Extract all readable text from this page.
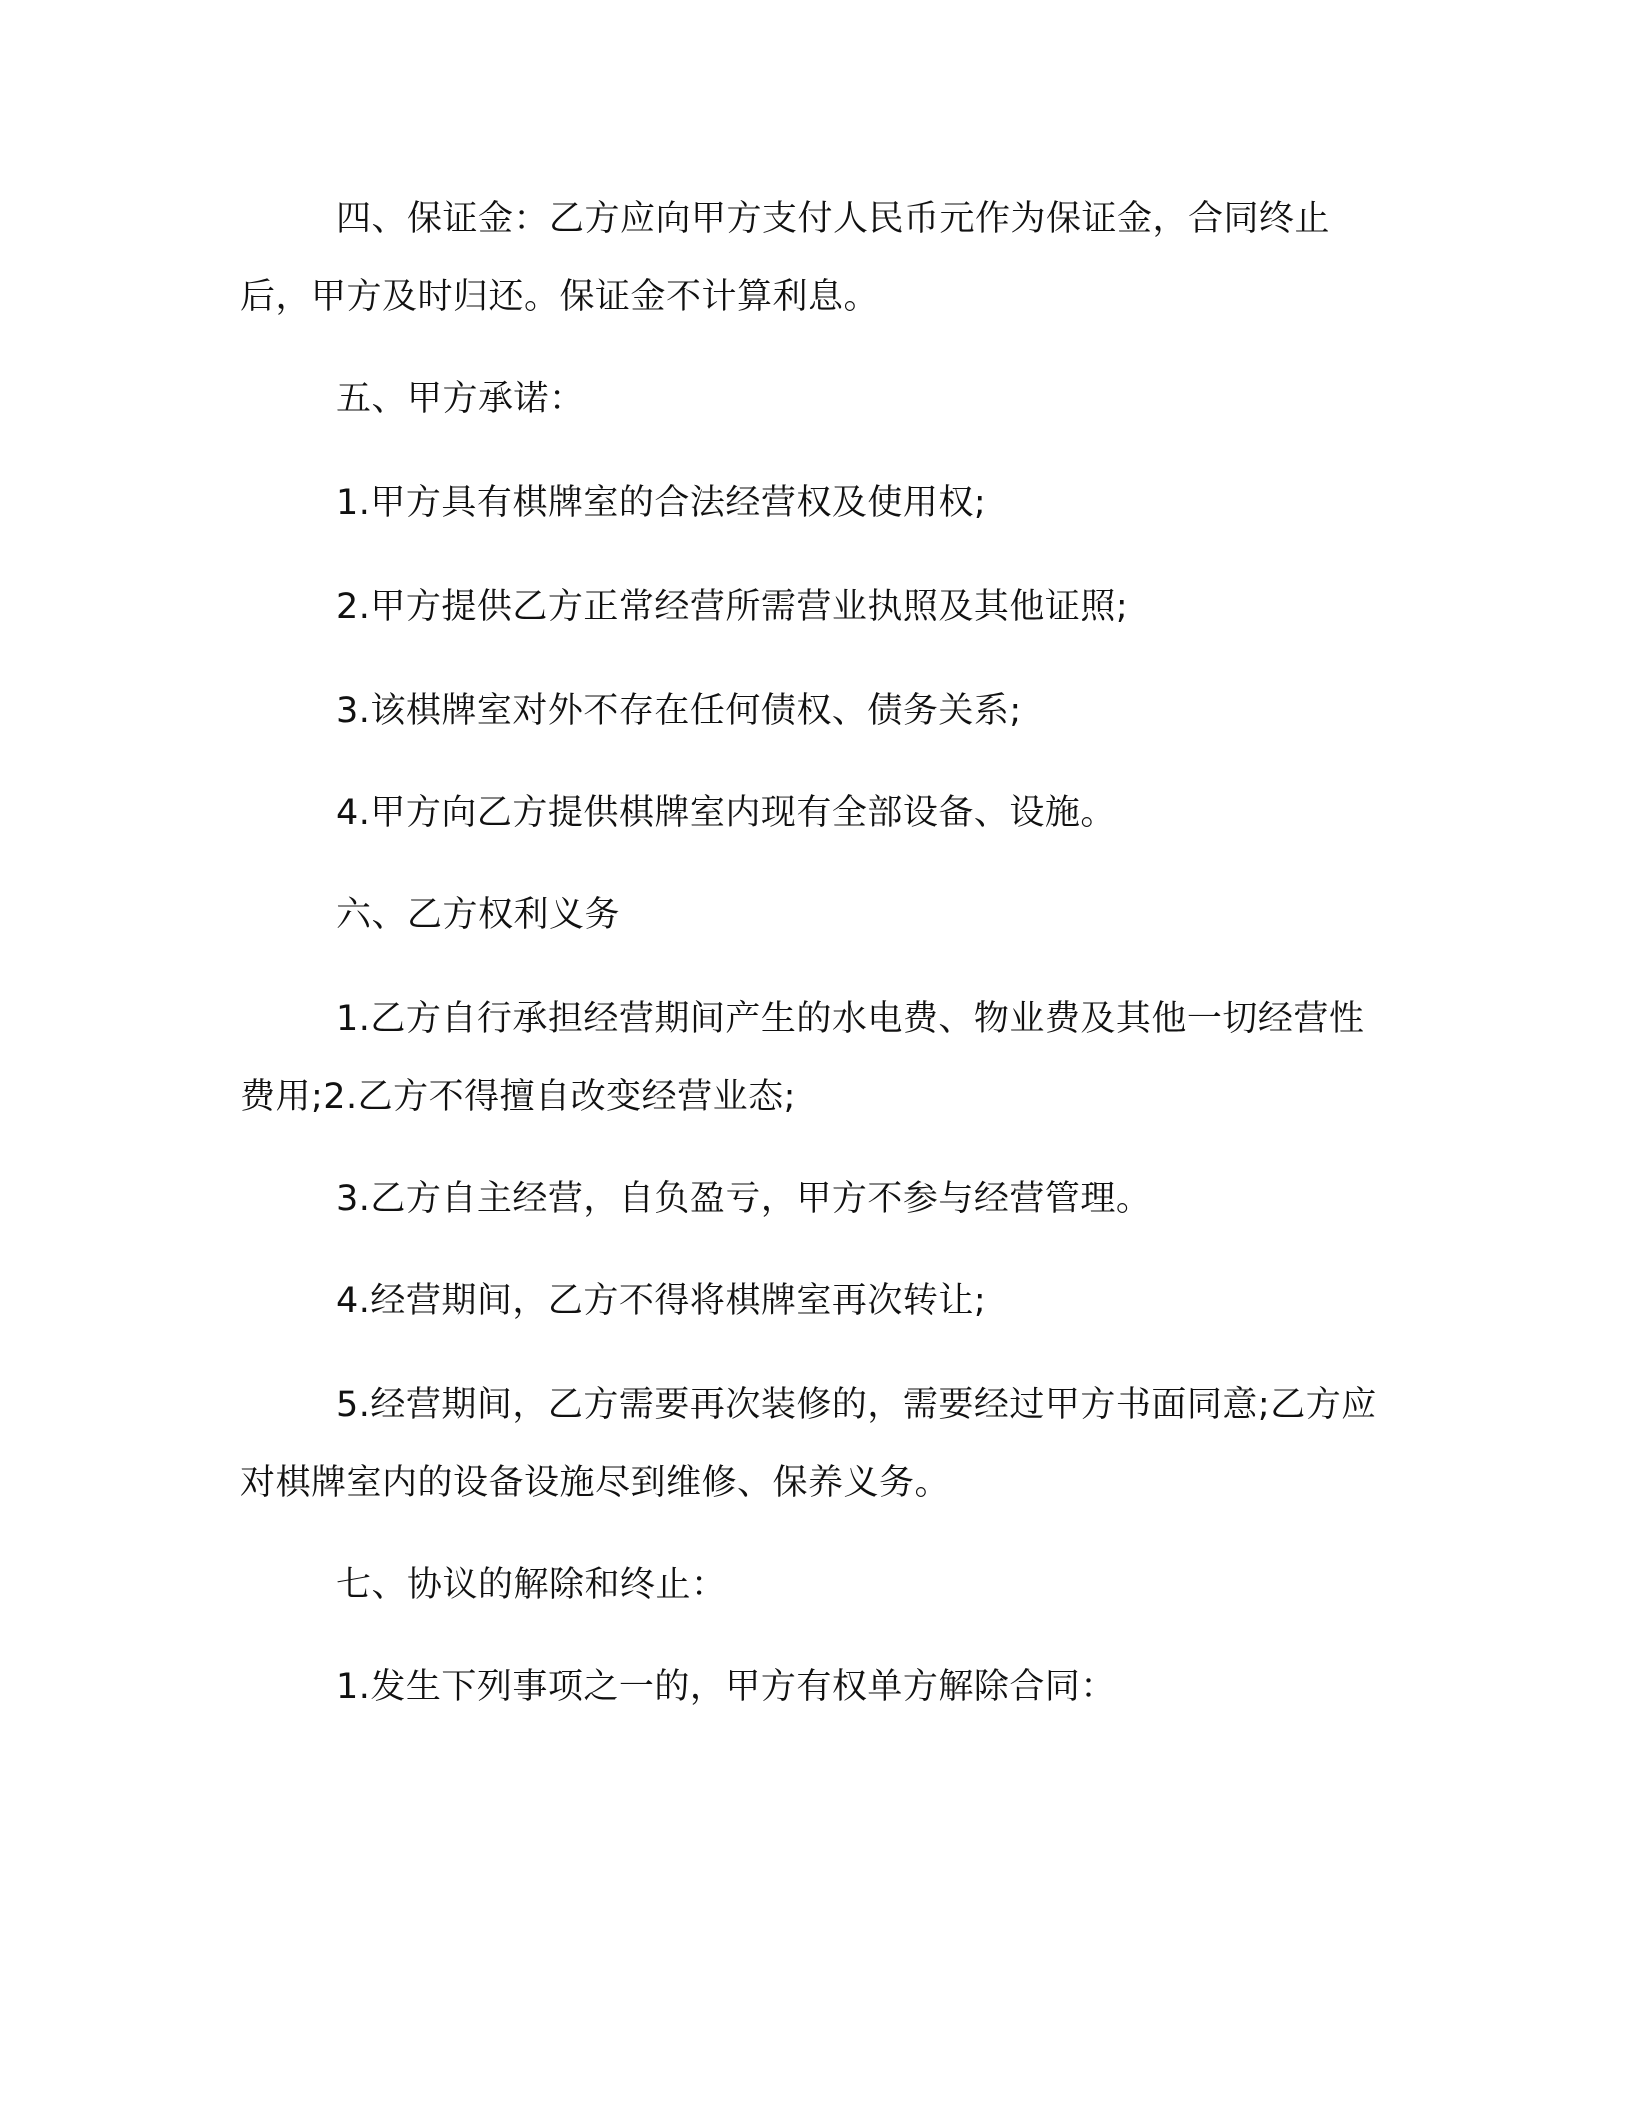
四、保证金：乙方应向甲方支付人民币元作为保证金，合同终止后，甲方及时归还。保证金不计算利息。

五、甲方承诺：

1.甲方具有棋牌室的合法经营权及使用权;

2.甲方提供乙方正常经营所需营业执照及其他证照;

3.该棋牌室对外不存在任何债权、债务关系;

4.甲方向乙方提供棋牌室内现有全部设备、设施。

六、乙方权利义务

1.乙方自行承担经营期间产生的水电费、物业费及其他一切经营性费用;2.乙方不得擅自改变经营业态;

3.乙方自主经营，自负盈亏，甲方不参与经营管理。

4.经营期间，乙方不得将棋牌室再次转让;

5.经营期间，乙方需要再次装修的，需要经过甲方书面同意;乙方应对棋牌室内的设备设施尽到维修、保养义务。

七、协议的解除和终止：

1.发生下列事项之一的，甲方有权单方解除合同：
